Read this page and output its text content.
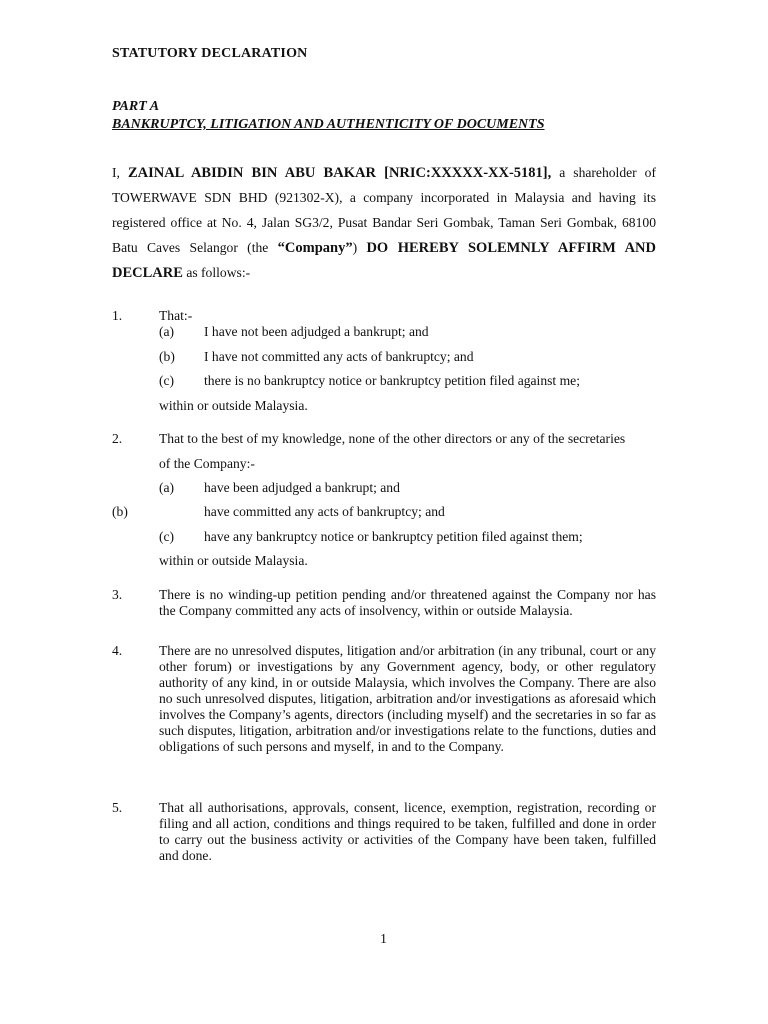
STATUTORY DECLARATION
PART A
BANKRUPTCY, LITIGATION AND AUTHENTICITY OF DOCUMENTS
I, ZAINAL ABIDIN BIN ABU BAKAR [NRIC:XXXXX-XX-5181], a shareholder of
TOWERWAVE SDN BHD (921302-X), a company incorporated in Malaysia and having its
registered office at No. 4, Jalan SG3/2, Pusat Bandar Seri Gombak, Taman Seri Gombak, 68100
Batu Caves Selangor (the “Company”) DO HEREBY SOLEMNLY AFFIRM AND
DECLARE as follows:-
1.	That:-
(a) I have not been adjudged a bankrupt; and
(b) I have not committed any acts of bankruptcy; and
(c) there is no bankruptcy notice or bankruptcy petition filed against me;
within or outside Malaysia.
2.	That to the best of my knowledge, none of the other directors or any of the secretaries
of the Company:-
(a) have been adjudged a bankrupt; and
(b)	have committed any acts of bankruptcy; and
(c) have any bankruptcy notice or bankruptcy petition filed against them;
within or outside Malaysia.
3.	There is no winding-up petition pending and/or threatened against the Company nor has the Company committed any acts of insolvency, within or outside Malaysia.
4.	There are no unresolved disputes, litigation and/or arbitration (in any tribunal, court or any other forum) or investigations by any Government agency, body, or other regulatory authority of any kind, in or outside Malaysia, which involves the Company. There are also no such unresolved disputes, litigation, arbitration and/or investigations as aforesaid which involves the Company’s agents, directors (including myself) and the secretaries in so far as such disputes, litigation, arbitration and/or investigations relate to the functions, duties and obligations of such persons and myself, in and to the Company.
5.	That all authorisations, approvals, consent, licence, exemption, registration, recording or filing and all action, conditions and things required to be taken, fulfilled and done in order to carry out the business activity or activities of the Company have been taken, fulfilled and done.
1
